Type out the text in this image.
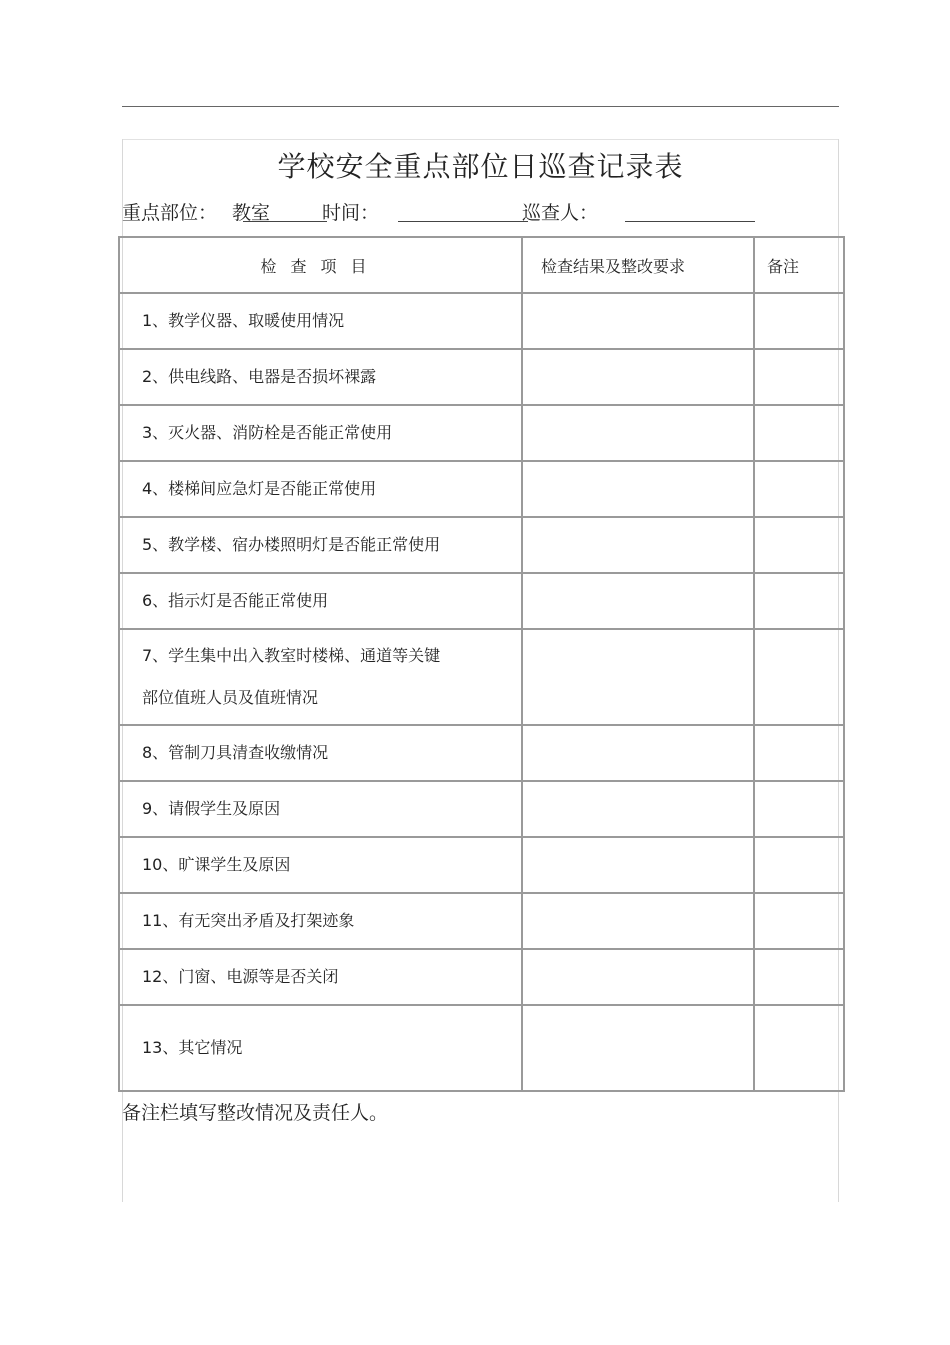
学校安全重点部位日巡查记录表
重点部位： 教室	时间：	巡查人：
检查项目	检查结果及整改要求	备注
1、教学仪器、取暖使用情况		
2、供电线路、电器是否损坏裸露		
3、灭火器、消防栓是否能正常使用		
4、楼梯间应急灯是否能正常使用		
5、教学楼、宿办楼照明灯是否能正常使用		
6、指示灯是否能正常使用		

7、学生集中出入教室时楼梯、通道等关键
部位值班人员及值班情况		

8、管制刀具清查收缴情况		
9、请假学生及原因		
10、旷课学生及原因		
11、有无突出矛盾及打架迹象		
12、门窗、电源等是否关闭		
13、其它情况		
备注栏填写整改情况及责任人。
